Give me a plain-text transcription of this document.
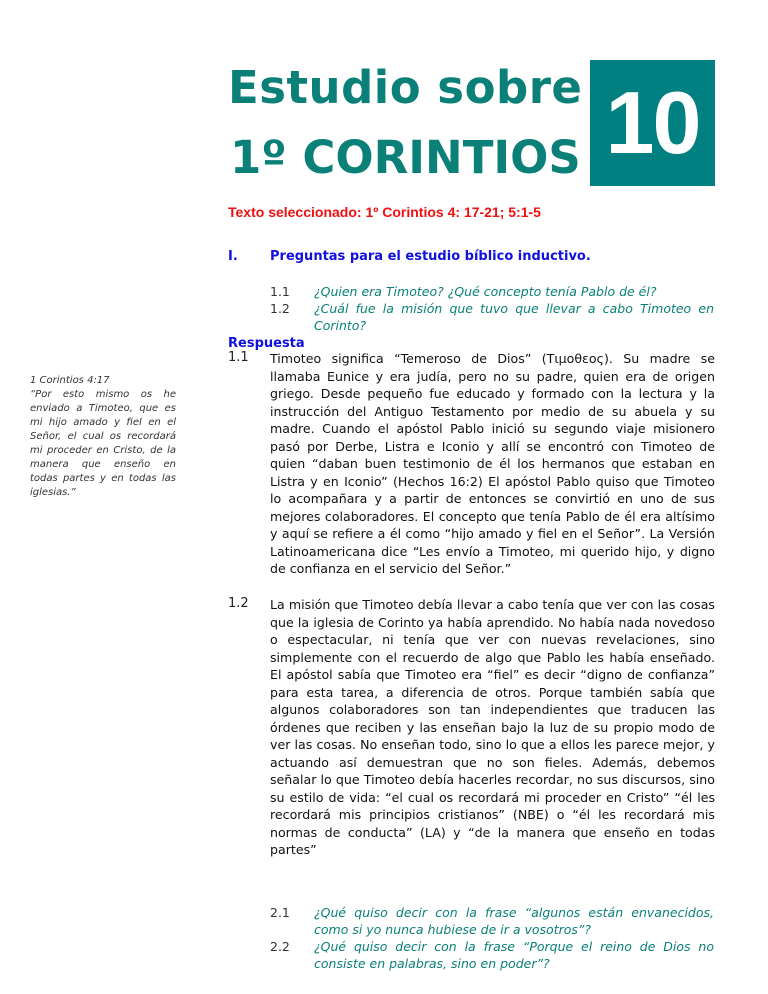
Estudio sobre
1º CORINTIOS 10
Texto seleccionado: 1º Corintios 4: 17-21; 5:1-5
I. Preguntas para el estudio bíblico inductivo.
1.1 ¿Quien era Timoteo? ¿Qué concepto tenía Pablo de él?
1.2 ¿Cuál fue la misión que tuvo que llevar a cabo Timoteo en Corinto?
Respuesta
1 Corintios 4:17
“Por esto mismo os he enviado a Timoteo, que es mi hijo amado y fiel en el Señor, el cual os recordará mi proceder en Cristo, de la manera que enseño en todas partes y en todas las iglesias.”
1.1 Timoteo significa “Temeroso de Dios” (Τιμοθεος). Su madre se llamaba Eunice y era judía, pero no su padre, quien era de origen griego. Desde pequeño fue educado y formado con la lectura y la instrucción del Antiguo Testamento por medio de su abuela y su madre. Cuando el apóstol Pablo inició su segundo viaje misionero pasó por Derbe, Listra e Iconio y allí se encontró con Timoteo de quien “daban buen testimonio de él los hermanos que estaban en Listra y en Iconio” (Hechos 16:2) El apóstol Pablo quiso que Timoteo lo acompañara y a partir de entonces se convirtió en uno de sus mejores colaboradores. El concepto que tenía Pablo de él era altísimo y aquí se refiere a él como “hijo amado y fiel en el Señor”. La Versión Latinoamericana dice “Les envío a Timoteo, mi querido hijo, y digno de confianza en el servicio del Señor.”
1.2 La misión que Timoteo debía llevar a cabo tenía que ver con las cosas que la iglesia de Corinto ya había aprendido. No había nada novedoso o espectacular, ni tenía que ver con nuevas revelaciones, sino simplemente con el recuerdo de algo que Pablo les había enseñado. El apóstol sabía que Timoteo era “fiel” es decir “digno de confianza” para esta tarea, a diferencia de otros. Porque también sabía que algunos colaboradores son tan independientes que traducen las órdenes que reciben y las enseñan bajo la luz de su propio modo de ver las cosas. No enseñan todo, sino lo que a ellos les parece mejor, y actuando así demuestran que no son fieles. Además, debemos señalar lo que Timoteo debía hacerles recordar, no sus discursos, sino su estilo de vida: “el cual os recordará mi proceder en Cristo” “él les recordará mis principios cristianos” (NBE) o “él les recordará mis normas de conducta” (LA) y “de la manera que enseño en todas partes”
2.1 ¿Qué quiso decir con la frase “algunos están envanecidos, como si yo nunca hubiese de ir a vosotros”?
2.2 ¿Qué quiso decir con la frase “Porque el reino de Dios no consiste en palabras, sino en poder”?
